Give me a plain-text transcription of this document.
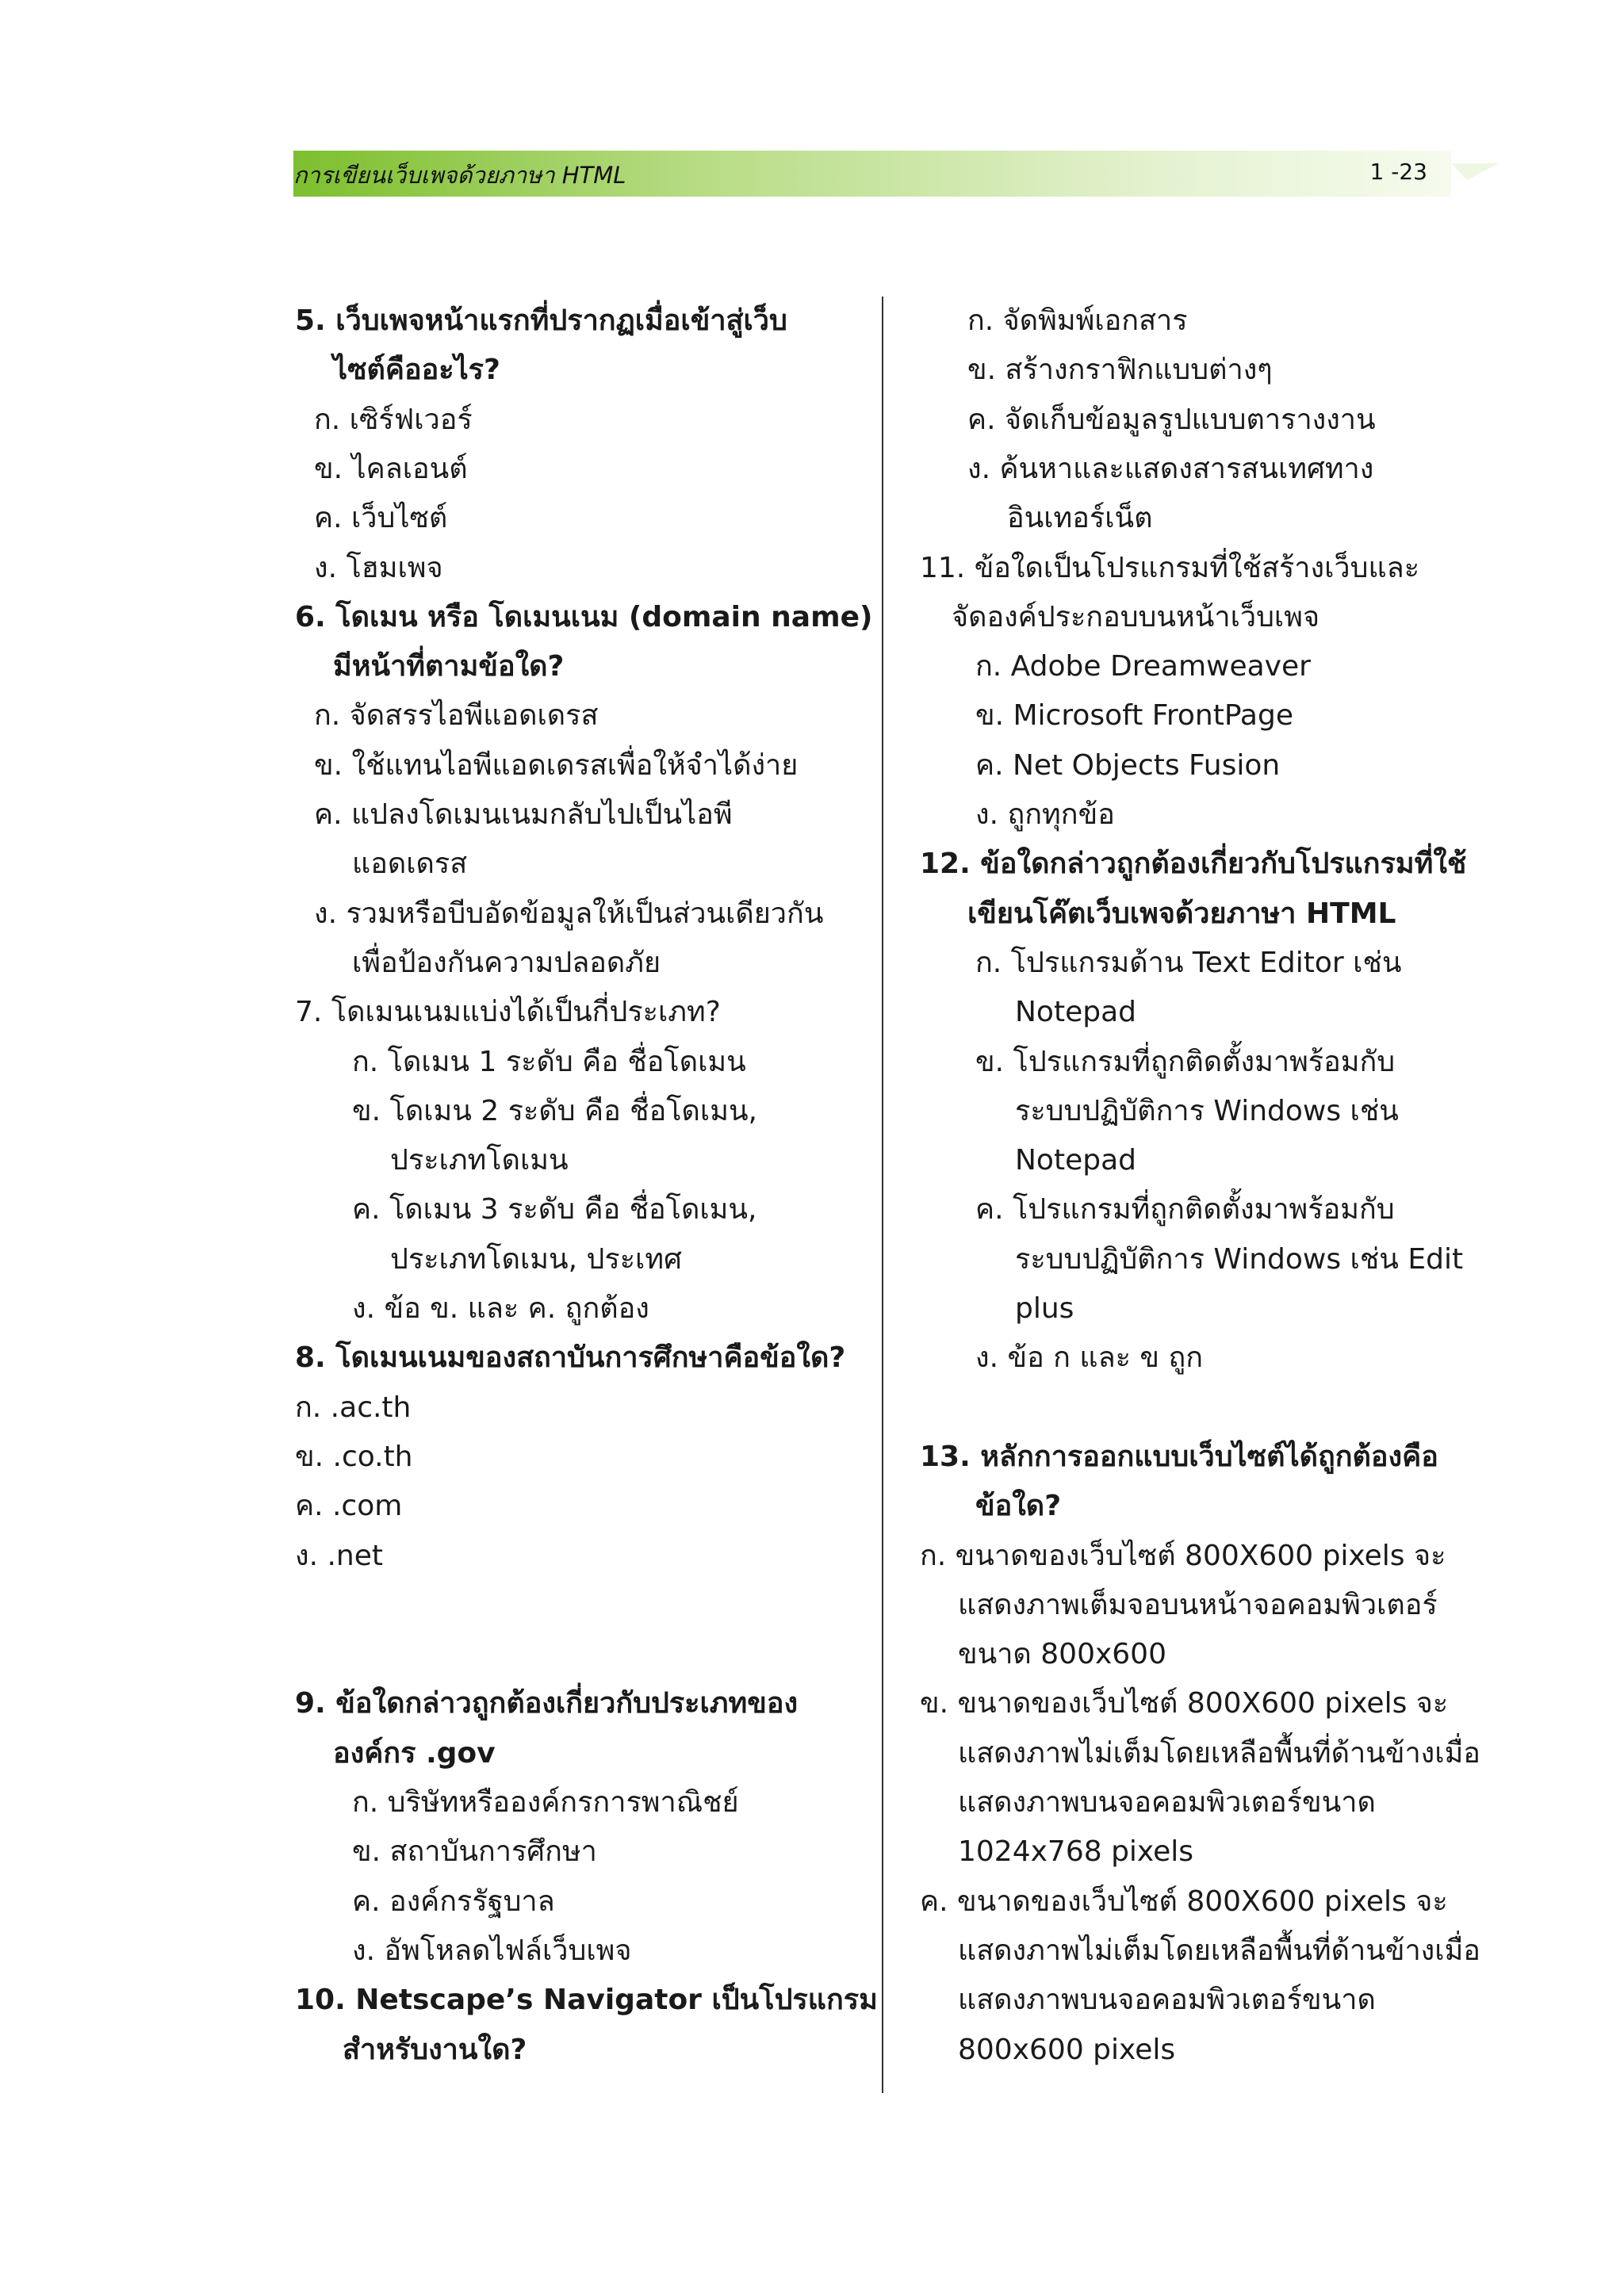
การเขียนเว็บเพจด้วยภาษา HTML	1 -23
5. เว็บเพจหน้าแรกที่ปรากฏเมื่อเข้าสู่เว็บ
ไซต์คืออะไร?
ก. เซิร์ฟเวอร์
ข. ไคลเอนต์
ค. เว็บไซต์
ง. โฮมเพจ
6. โดเมน หรือ โดเมนเนม (domain name)
มีหน้าที่ตามข้อใด?
ก. จัดสรรไอพีแอดเดรส
ข. ใช้แทนไอพีแอดเดรสเพื่อให้จำได้ง่าย
ค. แปลงโดเมนเนมกลับไปเป็นไอพี
แอดเดรส
ง. รวมหรือบีบอัดข้อมูลให้เป็นส่วนเดียวกัน
เพื่อป้องกันความปลอดภัย
7. โดเมนเนมแบ่งได้เป็นกี่ประเภท?
ก. โดเมน 1 ระดับ คือ ชื่อโดเมน
ข. โดเมน 2 ระดับ คือ ชื่อโดเมน,
ประเภทโดเมน
ค. โดเมน 3 ระดับ คือ ชื่อโดเมน,
ประเภทโดเมน, ประเทศ
ง. ข้อ ข. และ ค. ถูกต้อง
8. โดเมนเนมของสถาบันการศึกษาคือข้อใด?
ก. .ac.th
ข. .co.th
ค. .com
ง. .net
9. ข้อใดกล่าวถูกต้องเกี่ยวกับประเภทของ
องค์กร .gov
ก. บริษัทหรือองค์กรการพาณิชย์
ข. สถาบันการศึกษา
ค. องค์กรรัฐบาล
ง. อัพโหลดไฟล์เว็บเพจ
10. Netscape’s Navigator เป็นโปรแกรม
สำหรับงานใด?
ก. จัดพิมพ์เอกสาร
ข. สร้างกราฟิกแบบต่างๆ
ค. จัดเก็บข้อมูลรูปแบบตารางงาน
ง. ค้นหาและแสดงสารสนเทศทาง
อินเทอร์เน็ต
11. ข้อใดเป็นโปรแกรมที่ใช้สร้างเว็บและ
จัดองค์ประกอบบนหน้าเว็บเพจ
ก. Adobe Dreamweaver
ข. Microsoft FrontPage
ค. Net Objects Fusion
ง. ถูกทุกข้อ
12. ข้อใดกล่าวถูกต้องเกี่ยวกับโปรแกรมที่ใช้
เขียนโค๊ตเว็บเพจด้วยภาษา HTML
ก. โปรแกรมด้าน Text Editor เช่น
Notepad
ข. โปรแกรมที่ถูกติดตั้งมาพร้อมกับ
ระบบปฏิบัติการ Windows เช่น
Notepad
ค. โปรแกรมที่ถูกติดตั้งมาพร้อมกับ
ระบบปฏิบัติการ Windows เช่น Edit
plus
ง. ข้อ ก และ ข ถูก
13. หลักการออกแบบเว็บไซต์ได้ถูกต้องคือ
ข้อใด?
ก. ขนาดของเว็บไซต์ 800X600 pixels จะ
แสดงภาพเต็มจอบนหน้าจอคอมพิวเตอร์
ขนาด 800x600
ข. ขนาดของเว็บไซต์ 800X600 pixels จะ
แสดงภาพไม่เต็มโดยเหลือพื้นที่ด้านข้างเมื่อ
แสดงภาพบนจอคอมพิวเตอร์ขนาด
1024x768 pixels
ค. ขนาดของเว็บไซต์ 800X600 pixels จะ
แสดงภาพไม่เต็มโดยเหลือพื้นที่ด้านข้างเมื่อ
แสดงภาพบนจอคอมพิวเตอร์ขนาด
800x600 pixels
